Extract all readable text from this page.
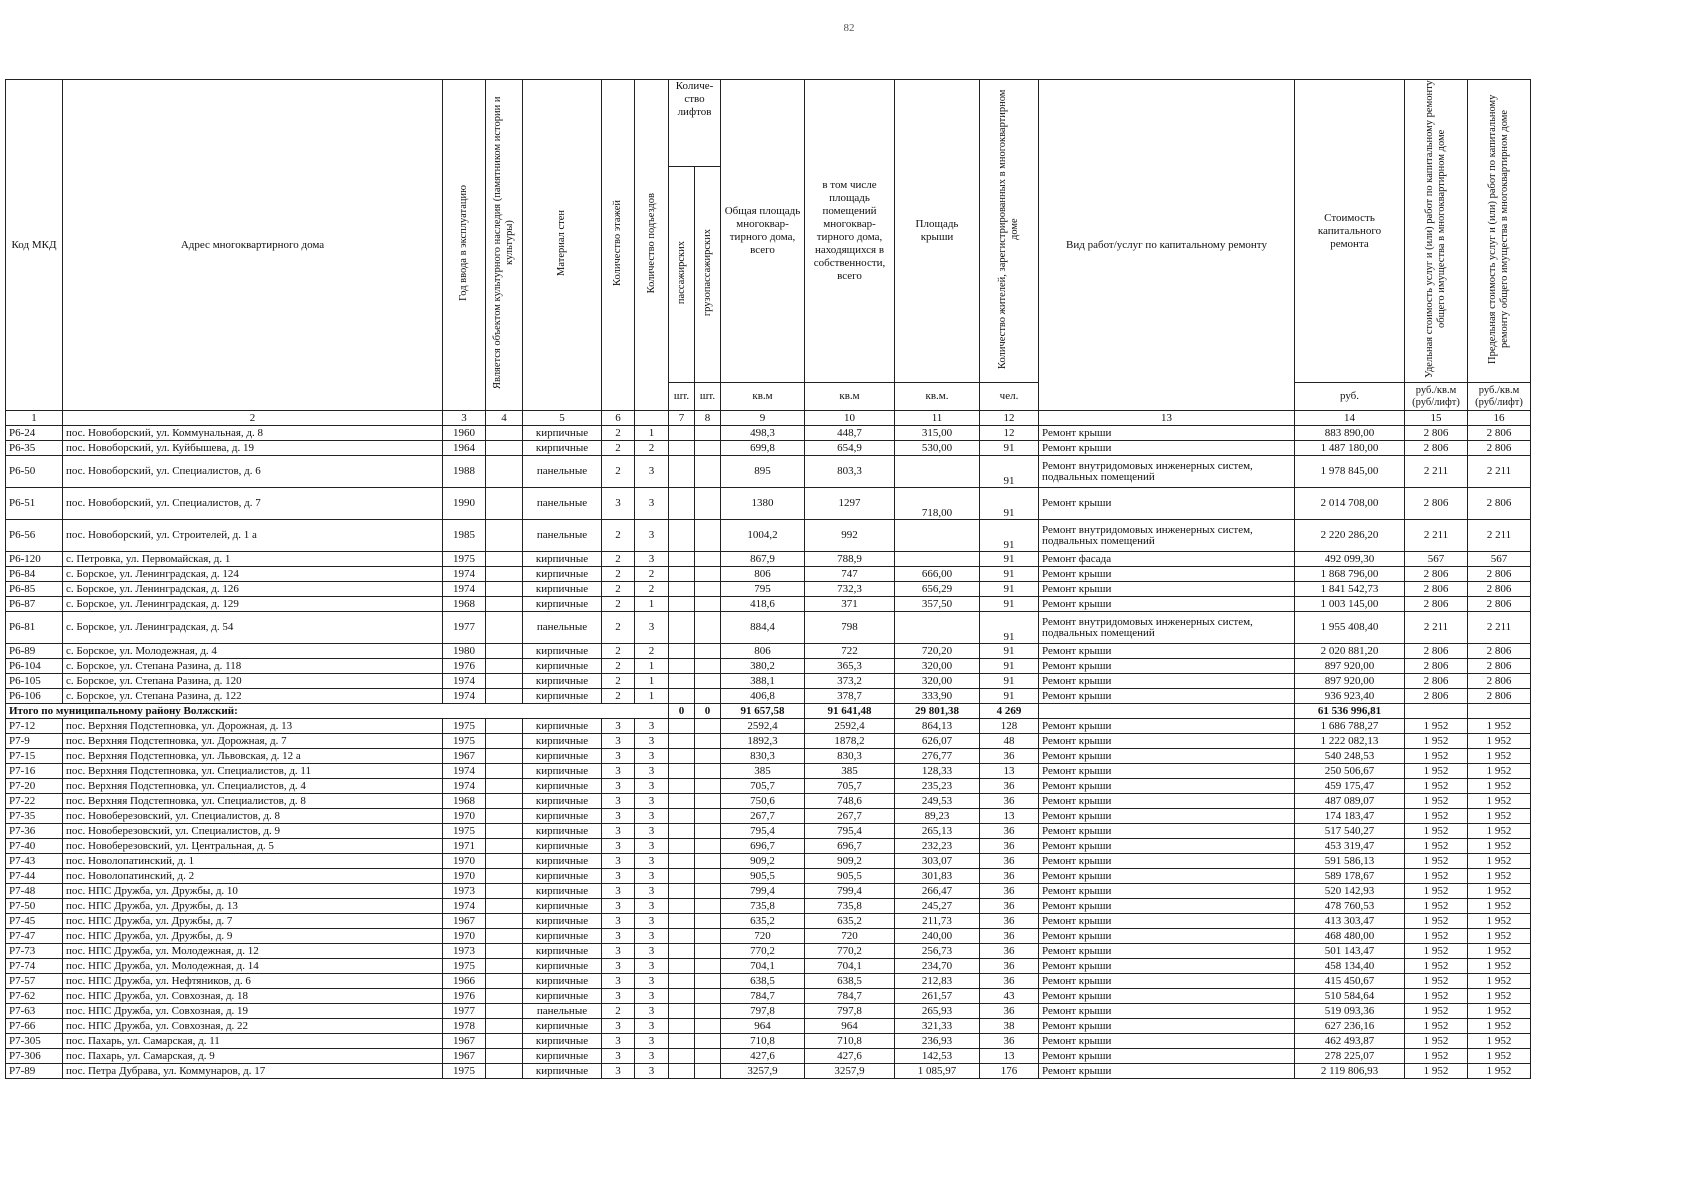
82
Код МКД	Адрес многоквартирного дома	Год ввода в эксплуатацию	Является объектом культурного наследия (памятником истории и культуры)	Материал стен	Количество этажей	Количество подъездов	Количе-ство лифтов		Общая площадь многоквар-тирного дома, всего	в том числе площадь помещений многоквар-тирного дома, находящихся в собственности, всего	Площадь крыши	Количество жителей, зарегистрированных в многоквартирном доме	Вид работ/услуг по капитальному ремонту	Стоимость капитального ремонта	Удельная стоимость услуг и (или) работ по капитальному ремонту общего имущества в многоквартирном доме	Предельная стоимость услуг и (или) работ по капитальному ремонту общего имущества в многоквартирном доме
							пассажирских	грузопассажирских								
							шт.	шт.	кв.м	кв.м	кв.м.	чел.		руб.	руб./кв.м (руб/лифт)	руб./кв.м (руб/лифт)
1	2	3	4	5	6		7	8	9	10	11	12	13	14	15	16
Р6-24	пос. Новоборский, ул. Коммунальная, д. 8	1960		кирпичные	2	1			498,3	448,7	315,00	12	Ремонт крыши	883 890,00	2 806	2 806
Р6-35	пос. Новоборский, ул. Куйбышева, д. 19	1964		кирпичные	2	2			699,8	654,9	530,00	91	Ремонт крыши	1 487 180,00	2 806	2 806
Р6-50	пос. Новоборский, ул. Специалистов, д. 6	1988		панельные	2	3			895	803,3		91	Ремонт внутридомовых инженерных систем, подвальных помещений	1 978 845,00	2 211	2 211
Р6-51	пос. Новоборский, ул. Специалистов, д. 7	1990		панельные	3	3			1380	1297	718,00	91	Ремонт крыши	2 014 708,00	2 806	2 806
Р6-56	пос. Новоборский, ул. Строителей, д. 1 а	1985		панельные	2	3			1004,2	992		91	Ремонт внутридомовых инженерных систем, подвальных помещений	2 220 286,20	2 211	2 211
Р6-120	с. Петровка, ул. Первомайская, д. 1	1975		кирпичные	2	3			867,9	788,9		91	Ремонт фасада	492 099,30	567	567
Р6-84	с. Борское, ул. Ленинградская, д. 124	1974		кирпичные	2	2			806	747	666,00	91	Ремонт крыши	1 868 796,00	2 806	2 806
Р6-85	с. Борское, ул. Ленинградская, д. 126	1974		кирпичные	2	2			795	732,3	656,29	91	Ремонт крыши	1 841 542,73	2 806	2 806
Р6-87	с. Борское, ул. Ленинградская, д. 129	1968		кирпичные	2	1			418,6	371	357,50	91	Ремонт крыши	1 003 145,00	2 806	2 806
Р6-81	с. Борское, ул. Ленинградская, д. 54	1977		панельные	2	3			884,4	798		91	Ремонт внутридомовых инженерных систем, подвальных помещений	1 955 408,40	2 211	2 211
Р6-89	с. Борское, ул. Молодежная, д. 4	1980		кирпичные	2	2			806	722	720,20	91	Ремонт крыши	2 020 881,20	2 806	2 806
Р6-104	с. Борское, ул. Степана Разина, д. 118	1976		кирпичные	2	1			380,2	365,3	320,00	91	Ремонт крыши	897 920,00	2 806	2 806
Р6-105	с. Борское, ул. Степана Разина, д. 120	1974		кирпичные	2	1			388,1	373,2	320,00	91	Ремонт крыши	897 920,00	2 806	2 806
Р6-106	с. Борское, ул. Степана Разина, д. 122	1974		кирпичные	2	1			406,8	378,7	333,90	91	Ремонт крыши	936 923,40	2 806	2 806
Итого по муниципальному району Волжский:							0	0	91 657,58	91 641,48	29 801,38	4 269		61 536 996,81		
Р7-12	пос. Верхняя Подстепновка, ул. Дорожная, д. 13	1975		кирпичные	3	3			2592,4	2592,4	864,13	128	Ремонт крыши	1 686 788,27	1 952	1 952
Р7-9	пос. Верхняя Подстепновка, ул. Дорожная, д. 7	1975		кирпичные	3	3			1892,3	1878,2	626,07	48	Ремонт крыши	1 222 082,13	1 952	1 952
Р7-15	пос. Верхняя Подстепновка, ул. Львовская, д. 12 а	1967		кирпичные	3	3			830,3	830,3	276,77	36	Ремонт крыши	540 248,53	1 952	1 952
Р7-16	пос. Верхняя Подстепновка, ул. Специалистов, д. 11	1974		кирпичные	3	3			385	385	128,33	13	Ремонт крыши	250 506,67	1 952	1 952
Р7-20	пос. Верхняя Подстепновка, ул. Специалистов, д. 4	1974		кирпичные	3	3			705,7	705,7	235,23	36	Ремонт крыши	459 175,47	1 952	1 952
Р7-22	пос. Верхняя Подстепновка, ул. Специалистов, д. 8	1968		кирпичные	3	3			750,6	748,6	249,53	36	Ремонт крыши	487 089,07	1 952	1 952
Р7-35	пос. Новоберезовский, ул. Специалистов, д. 8	1970		кирпичные	3	3			267,7	267,7	89,23	13	Ремонт крыши	174 183,47	1 952	1 952
Р7-36	пос. Новоберезовский, ул. Специалистов, д. 9	1975		кирпичные	3	3			795,4	795,4	265,13	36	Ремонт крыши	517 540,27	1 952	1 952
Р7-40	пос. Новоберезовский, ул. Центральная, д. 5	1971		кирпичные	3	3			696,7	696,7	232,23	36	Ремонт крыши	453 319,47	1 952	1 952
Р7-43	пос. Новолопатинский, д. 1	1970		кирпичные	3	3			909,2	909,2	303,07	36	Ремонт крыши	591 586,13	1 952	1 952
Р7-44	пос. Новолопатинский, д. 2	1970		кирпичные	3	3			905,5	905,5	301,83	36	Ремонт крыши	589 178,67	1 952	1 952
Р7-48	пос. НПС Дружба, ул. Дружбы, д. 10	1973		кирпичные	3	3			799,4	799,4	266,47	36	Ремонт крыши	520 142,93	1 952	1 952
Р7-50	пос. НПС Дружба, ул. Дружбы, д. 13	1974		кирпичные	3	3			735,8	735,8	245,27	36	Ремонт крыши	478 760,53	1 952	1 952
Р7-45	пос. НПС Дружба, ул. Дружбы, д. 7	1967		кирпичные	3	3			635,2	635,2	211,73	36	Ремонт крыши	413 303,47	1 952	1 952
Р7-47	пос. НПС Дружба, ул. Дружбы, д. 9	1970		кирпичные	3	3			720	720	240,00	36	Ремонт крыши	468 480,00	1 952	1 952
Р7-73	пос. НПС Дружба, ул. Молодежная, д. 12	1973		кирпичные	3	3			770,2	770,2	256,73	36	Ремонт крыши	501 143,47	1 952	1 952
Р7-74	пос. НПС Дружба, ул. Молодежная, д. 14	1975		кирпичные	3	3			704,1	704,1	234,70	36	Ремонт крыши	458 134,40	1 952	1 952
Р7-57	пос. НПС Дружба, ул. Нефтяников, д. 6	1966		кирпичные	3	3			638,5	638,5	212,83	36	Ремонт крыши	415 450,67	1 952	1 952
Р7-62	пос. НПС Дружба, ул. Совхозная, д. 18	1976		кирпичные	3	3			784,7	784,7	261,57	43	Ремонт крыши	510 584,64	1 952	1 952
Р7-63	пос. НПС Дружба, ул. Совхозная, д. 19	1977		панельные	2	3			797,8	797,8	265,93	36	Ремонт крыши	519 093,36	1 952	1 952
Р7-66	пос. НПС Дружба, ул. Совхозная, д. 22	1978		кирпичные	3	3			964	964	321,33	38	Ремонт крыши	627 236,16	1 952	1 952
Р7-305	пос. Пахарь, ул. Самарская, д. 11	1967		кирпичные	3	3			710,8	710,8	236,93	36	Ремонт крыши	462 493,87	1 952	1 952
Р7-306	пос. Пахарь, ул. Самарская, д. 9	1967		кирпичные	3	3			427,6	427,6	142,53	13	Ремонт крыши	278 225,07	1 952	1 952
Р7-89	пос. Петра Дубрава, ул. Коммунаров, д. 17	1975		кирпичные	3	3			3257,9	3257,9	1 085,97	176	Ремонт крыши	2 119 806,93	1 952	1 952
